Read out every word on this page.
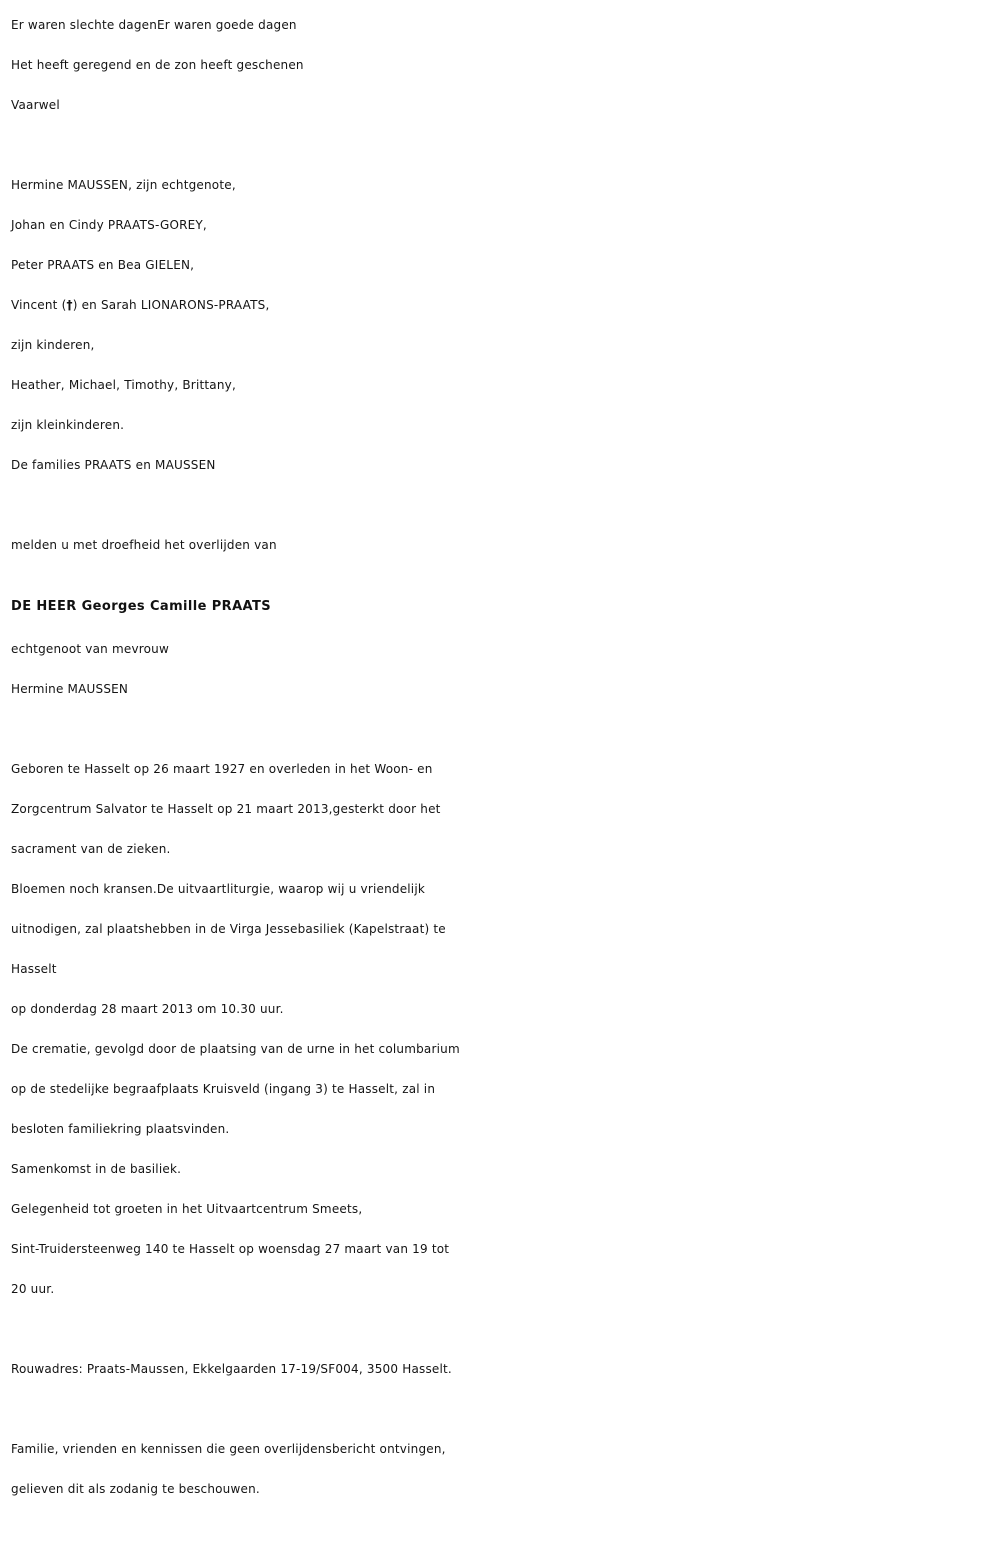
Er waren slechte dagenEr waren goede dagen
Het heeft geregend en de zon heeft geschenen
Vaarwel
Hermine MAUSSEN, zijn echtgenote,
Johan en Cindy PRAATS-GOREY,
Peter PRAATS en Bea GIELEN,
Vincent (†) en Sarah LIONARONS-PRAATS,
zijn kinderen,
Heather, Michael, Timothy, Brittany,
zijn kleinkinderen.
De families PRAATS en MAUSSEN
melden u met droefheid het overlijden van
DE HEER Georges Camille PRAATS
echtgenoot van mevrouw
Hermine MAUSSEN
Geboren te Hasselt op 26 maart 1927 en overleden in het Woon- en
Zorgcentrum Salvator te Hasselt op 21 maart 2013,gesterkt door het
sacrament van de zieken.
Bloemen noch kransen.De uitvaartliturgie, waarop wij u vriendelijk
uitnodigen, zal plaatshebben in de Virga Jessebasiliek (Kapelstraat) te
Hasselt
op donderdag 28 maart 2013 om 10.30 uur.
De crematie, gevolgd door de plaatsing van de urne in het columbarium
op de stedelijke begraafplaats Kruisveld (ingang 3) te Hasselt, zal in
besloten familiekring plaatsvinden.
Samenkomst in de basiliek.
Gelegenheid tot groeten in het Uitvaartcentrum Smeets,
Sint-Truidersteenweg 140 te Hasselt op woensdag 27 maart van 19 tot
20 uur.
Rouwadres: Praats-Maussen, Ekkelgaarden 17-19/SF004, 3500 Hasselt.
Familie, vrienden en kennissen die geen overlijdensbericht ontvingen,
gelieven dit als zodanig te beschouwen.
